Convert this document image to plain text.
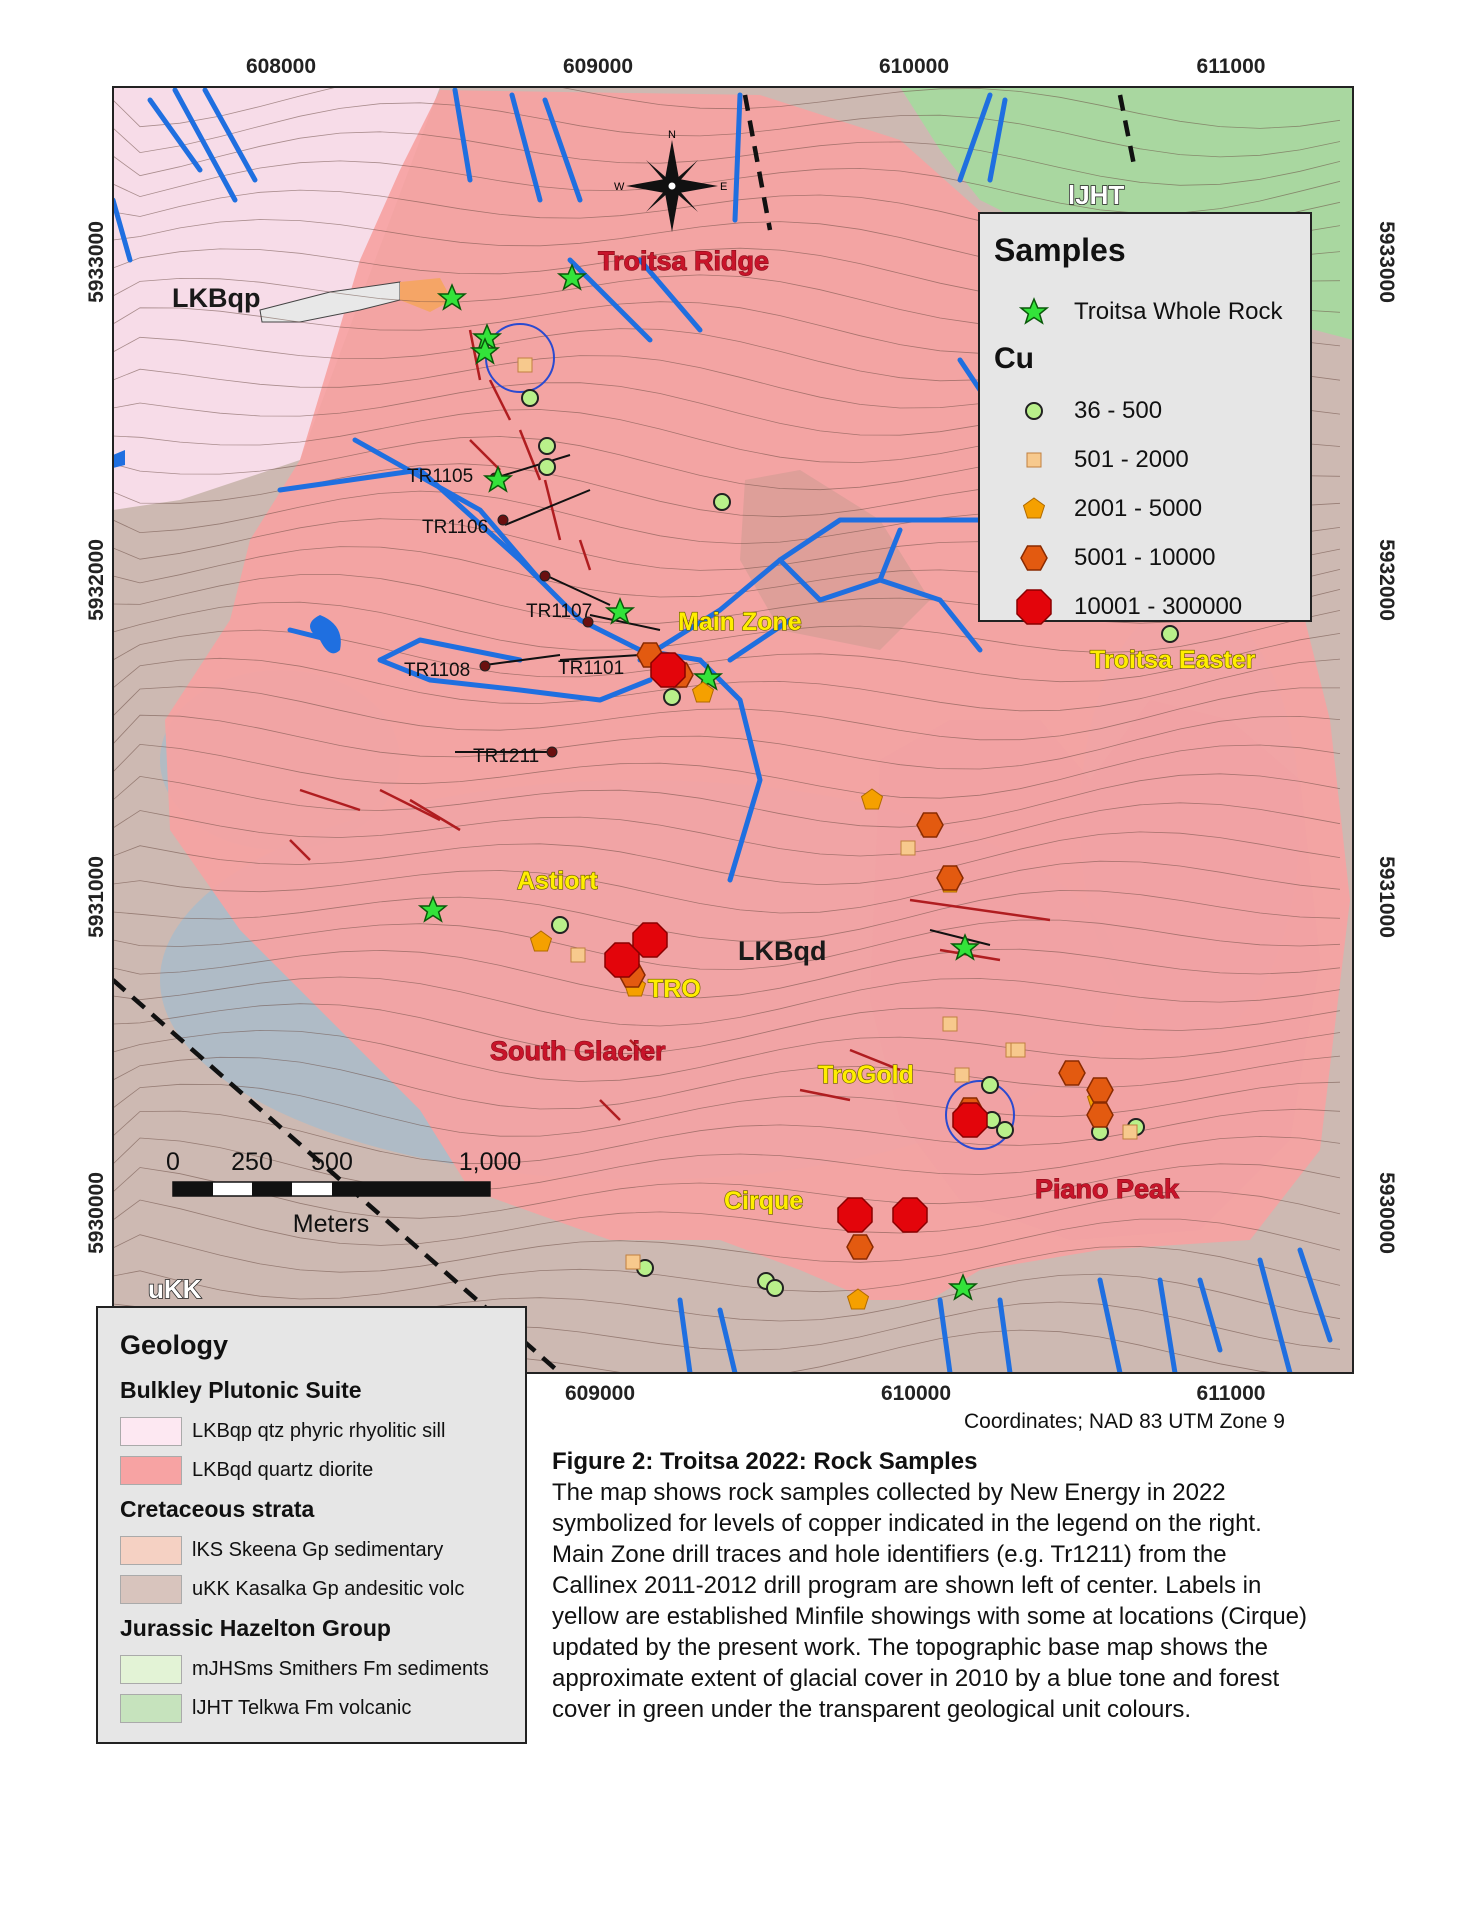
608000	609000	610000	611000
609000	610000	611000
5933000
5932000
5931000
5930000
5933000
5932000
5931000
5930000
N
E
W
LKBqp
LKBqd
lJHT
uKK
Troitsa Ridge
Main Zone
Troitsa Easter
Astiort
TRO
South Glacier
TroGold
Cirque	Piano Peak
TR1105
TR1106
TR1107
TR1108	TR1101
TR1211
0 250 500	1,000
Meters
Samples
Troitsa Whole Rock
Cu
36 - 500
501 - 2000
2001 - 5000
5001 - 10000
10001 - 300000
Geology
Bulkley Plutonic Suite
LKBqp qtz phyric rhyolitic sill
LKBqd quartz diorite
Cretaceous strata
lKS Skeena Gp sedimentary
uKK Kasalka Gp andesitic volc
Jurassic Hazelton Group
mJHSms Smithers Fm sediments
lJHT Telkwa Fm volcanic
Coordinates; NAD 83 UTM Zone 9
Figure 2: Troitsa 2022: Rock Samples
The map shows rock samples collected by New Energy in 2022 symbolized for levels of copper indicated in the legend on the right. Main Zone drill traces and hole identifiers (e.g. Tr1211) from the Callinex 2011-2012 drill program are shown left of center. Labels in yellow are established Minfile showings with some at locations (Cirque) updated by the present work. The topographic base map shows the approximate extent of glacial cover in 2010 by a blue tone and forest cover in green under the transparent geological unit colours.
